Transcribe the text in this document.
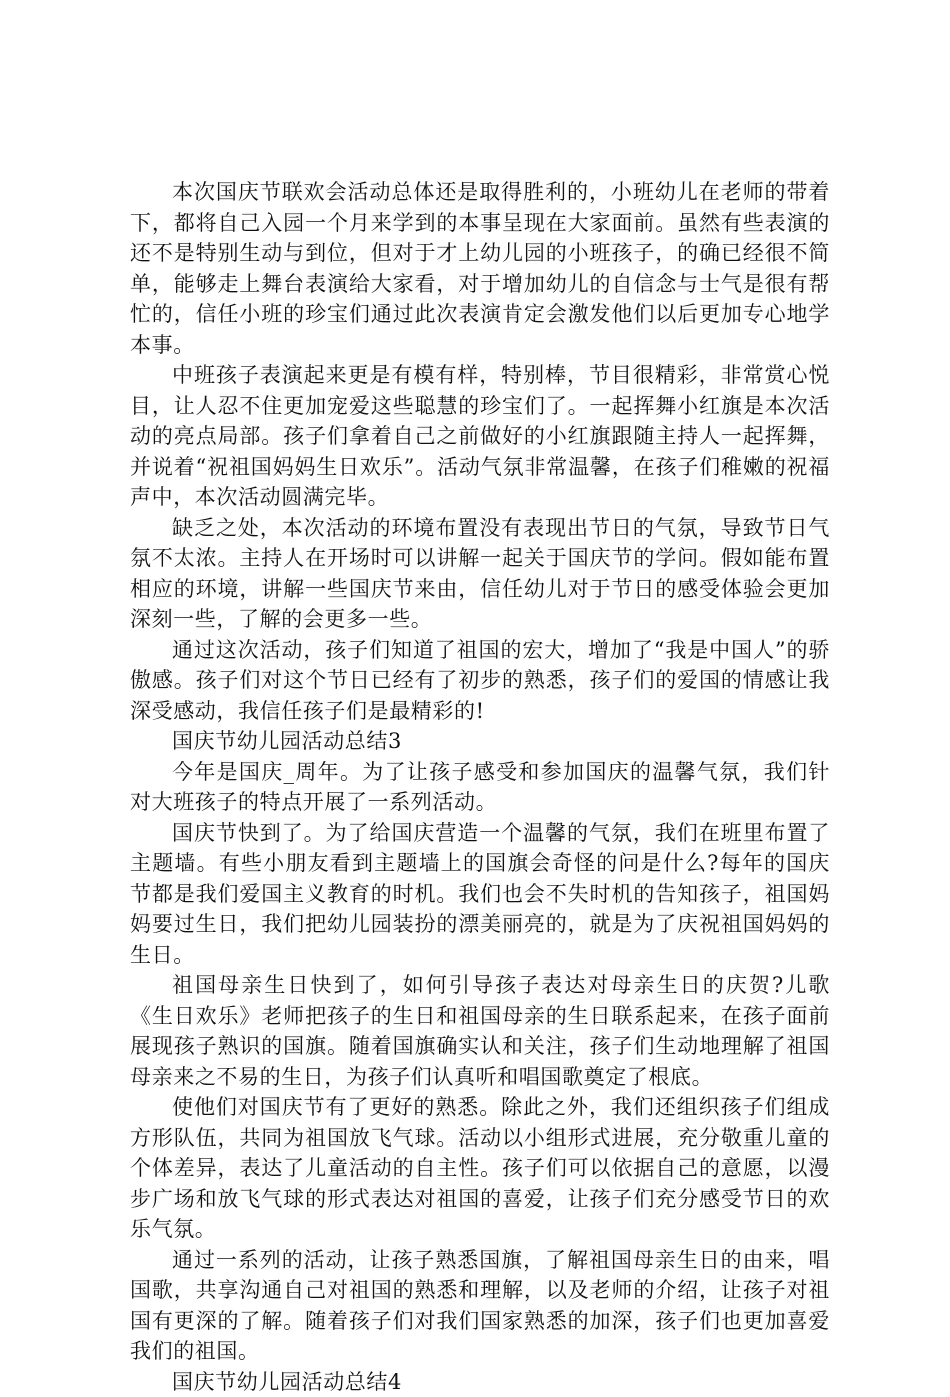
本次国庆节联欢会活动总体还是取得胜利的，小班幼儿在老师的带着下，都将自己入园一个月来学到的本事呈现在大家面前。虽然有些表演的还不是特别生动与到位，但对于才上幼儿园的小班孩子，的确已经很不简单，能够走上舞台表演给大家看，对于增加幼儿的自信念与士气是很有帮忙的，信任小班的珍宝们通过此次表演肯定会激发他们以后更加专心地学本事。

中班孩子表演起来更是有模有样，特别棒，节目很精彩，非常赏心悦目，让人忍不住更加宠爱这些聪慧的珍宝们了。一起挥舞小红旗是本次活动的亮点局部。孩子们拿着自己之前做好的小红旗跟随主持人一起挥舞，并说着“祝祖国妈妈生日欢乐”。活动气氛非常温馨，在孩子们稚嫩的祝福声中，本次活动圆满完毕。

缺乏之处，本次活动的环境布置没有表现出节日的气氛，导致节日气氛不太浓。主持人在开场时可以讲解一起关于国庆节的学问。假如能布置相应的环境，讲解一些国庆节来由，信任幼儿对于节日的感受体验会更加深刻一些，了解的会更多一些。

通过这次活动，孩子们知道了祖国的宏大，增加了“我是中国人”的骄傲感。孩子们对这个节日已经有了初步的熟悉，孩子们的爱国的情感让我深受感动，我信任孩子们是最精彩的!

国庆节幼儿园活动总结3

今年是国庆_周年。为了让孩子感受和参加国庆的温馨气氛，我们针对大班孩子的特点开展了一系列活动。

国庆节快到了。为了给国庆营造一个温馨的气氛，我们在班里布置了主题墙。有些小朋友看到主题墙上的国旗会奇怪的问是什么?每年的国庆节都是我们爱国主义教育的时机。我们也会不失时机的告知孩子，祖国妈妈要过生日，我们把幼儿园装扮的漂美丽亮的，就是为了庆祝祖国妈妈的生日。

祖国母亲生日快到了，如何引导孩子表达对母亲生日的庆贺?儿歌《生日欢乐》老师把孩子的生日和祖国母亲的生日联系起来，在孩子面前展现孩子熟识的国旗。随着国旗确实认和关注，孩子们生动地理解了祖国母亲来之不易的生日，为孩子们认真听和唱国歌奠定了根底。

使他们对国庆节有了更好的熟悉。除此之外，我们还组织孩子们组成方形队伍，共同为祖国放飞气球。活动以小组形式进展，充分敬重儿童的个体差异，表达了儿童活动的自主性。孩子们可以依据自己的意愿，以漫步广场和放飞气球的形式表达对祖国的喜爱，让孩子们充分感受节日的欢乐气氛。

通过一系列的活动，让孩子熟悉国旗，了解祖国母亲生日的由来，唱国歌，共享沟通自己对祖国的熟悉和理解，以及老师的介绍，让孩子对祖国有更深的了解。随着孩子们对我们国家熟悉的加深，孩子们也更加喜爱我们的祖国。

国庆节幼儿园活动总结4
